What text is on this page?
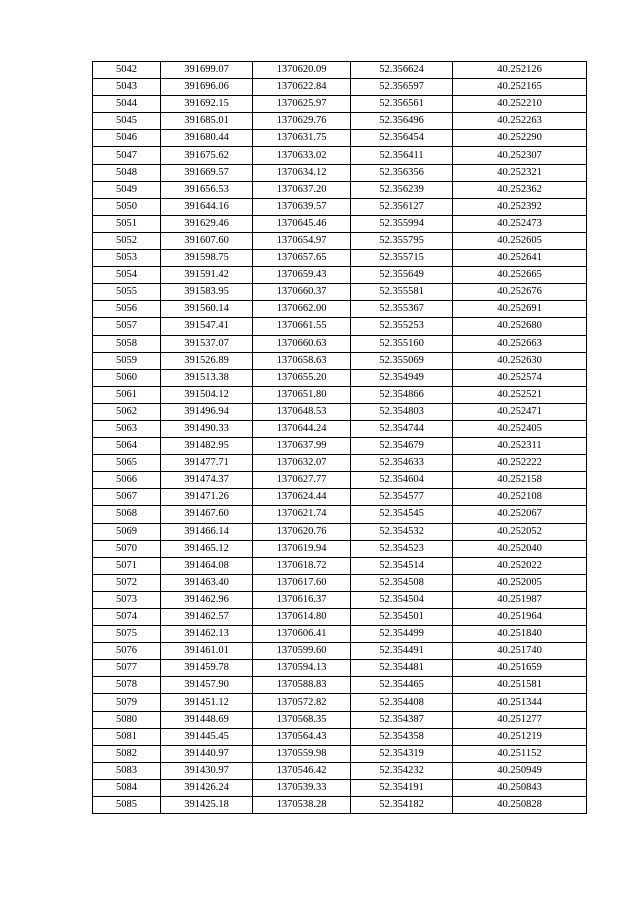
5042	391699.07	1370620.09	52.356624	40.252126
5043	391696.06	1370622.84	52.356597	40.252165
5044	391692.15	1370625.97	52.356561	40.252210
5045	391685.01	1370629.76	52.356496	40.252263
5046	391680.44	1370631.75	52.356454	40.252290
5047	391675.62	1370633.02	52.356411	40.252307
5048	391669.57	1370634.12	52.356356	40.252321
5049	391656.53	1370637.20	52.356239	40.252362
5050	391644.16	1370639.57	52.356127	40.252392
5051	391629.46	1370645.46	52.355994	40.252473
5052	391607.60	1370654.97	52.355795	40.252605
5053	391598.75	1370657.65	52.355715	40.252641
5054	391591.42	1370659.43	52.355649	40.252665
5055	391583.95	1370660.37	52.355581	40.252676
5056	391560.14	1370662.00	52.355367	40.252691
5057	391547.41	1370661.55	52.355253	40.252680
5058	391537.07	1370660.63	52.355160	40.252663
5059	391526.89	1370658.63	52.355069	40.252630
5060	391513.38	1370655.20	52.354949	40.252574
5061	391504.12	1370651.80	52.354866	40.252521
5062	391496.94	1370648.53	52.354803	40.252471
5063	391490.33	1370644.24	52.354744	40.252405
5064	391482.95	1370637.99	52.354679	40.252311
5065	391477.71	1370632.07	52.354633	40.252222
5066	391474.37	1370627.77	52.354604	40.252158
5067	391471.26	1370624.44	52.354577	40.252108
5068	391467.60	1370621.74	52.354545	40.252067
5069	391466.14	1370620.76	52.354532	40.252052
5070	391465.12	1370619.94	52.354523	40.252040
5071	391464.08	1370618.72	52.354514	40.252022
5072	391463.40	1370617.60	52.354508	40.252005
5073	391462.96	1370616.37	52.354504	40.251987
5074	391462.57	1370614.80	52.354501	40.251964
5075	391462.13	1370606.41	52.354499	40.251840
5076	391461.01	1370599.60	52.354491	40.251740
5077	391459.78	1370594.13	52.354481	40.251659
5078	391457.90	1370588.83	52.354465	40.251581
5079	391451.12	1370572.82	52.354408	40.251344
5080	391448.69	1370568.35	52.354387	40.251277
5081	391445.45	1370564.43	52.354358	40.251219
5082	391440.97	1370559.98	52.354319	40.251152
5083	391430.97	1370546.42	52.354232	40.250949
5084	391426.24	1370539.33	52.354191	40.250843
5085	391425.18	1370538.28	52.354182	40.250828
